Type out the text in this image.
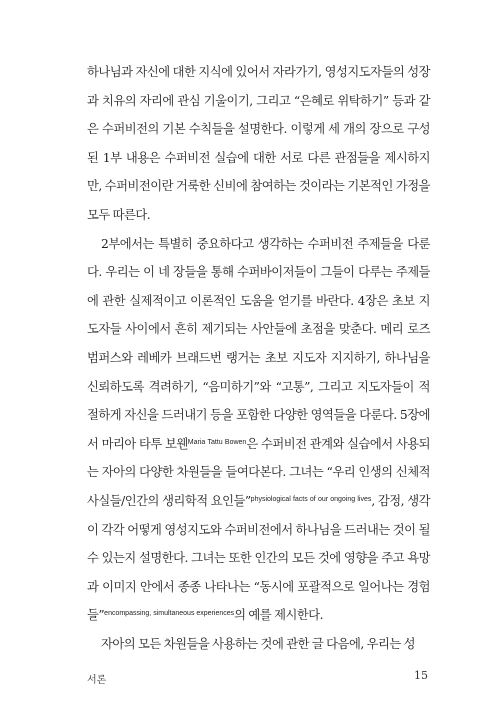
하나님과 자신에 대한 지식에 있어서 자라가기, 영성지도자들의 성장과 치유의 자리에 관심 기울이기, 그리고 “은혜로 위탁하기” 등과 같은 수퍼비전의 기본 수칙들을 설명한다. 이렇게 세 개의 장으로 구성된 1부 내용은 수퍼비전 실습에 대한 서로 다른 관점들을 제시하지만, 수퍼비전이란 거룩한 신비에 참여하는 것이라는 기본적인 가정을 모두 따른다.

2부에서는 특별히 중요하다고 생각하는 수퍼비전 주제들을 다룬다. 우리는 이 네 장들을 통해 수퍼바이저들이 그들이 다루는 주제들에 관한 실제적이고 이론적인 도움을 얻기를 바란다. 4장은 초보 지도자들 사이에서 흔히 제기되는 사안들에 초점을 맞춘다. 메리 로즈 범퍼스와 레베카 브래드번 랭거는 초보 지도자 지지하기, 하나님을 신뢰하도록 격려하기, “음미하기”와 “고통”, 그리고 지도자들이 적절하게 자신을 드러내기 등을 포함한 다양한 영역들을 다룬다. 5장에서 마리아 타투 보웬$^{Maria Tattu Bowen}$은 수퍼비전 관계와 실습에서 사용되는 자아의 다양한 차원들을 들여다본다. 그녀는 “우리 인생의 신체적 사실들/인간의 생리학적 요인들”$^{physiological facts of our ongoing lives}$, 감정, 생각이 각각 어떻게 영성지도와 수퍼비전에서 하나님을 드러내는 것이 될 수 있는지 설명한다. 그녀는 또한 인간의 모든 것에 영향을 주고 욕망과 이미지 안에서 종종 나타나는 “동시에 포괄적으로 일어나는 경험들”$^{encompassing, simultaneous experiences}$의 예를 제시한다.

자아의 모든 차원들을 사용하는 것에 관한 글 다음에, 우리는 성

서론	15
